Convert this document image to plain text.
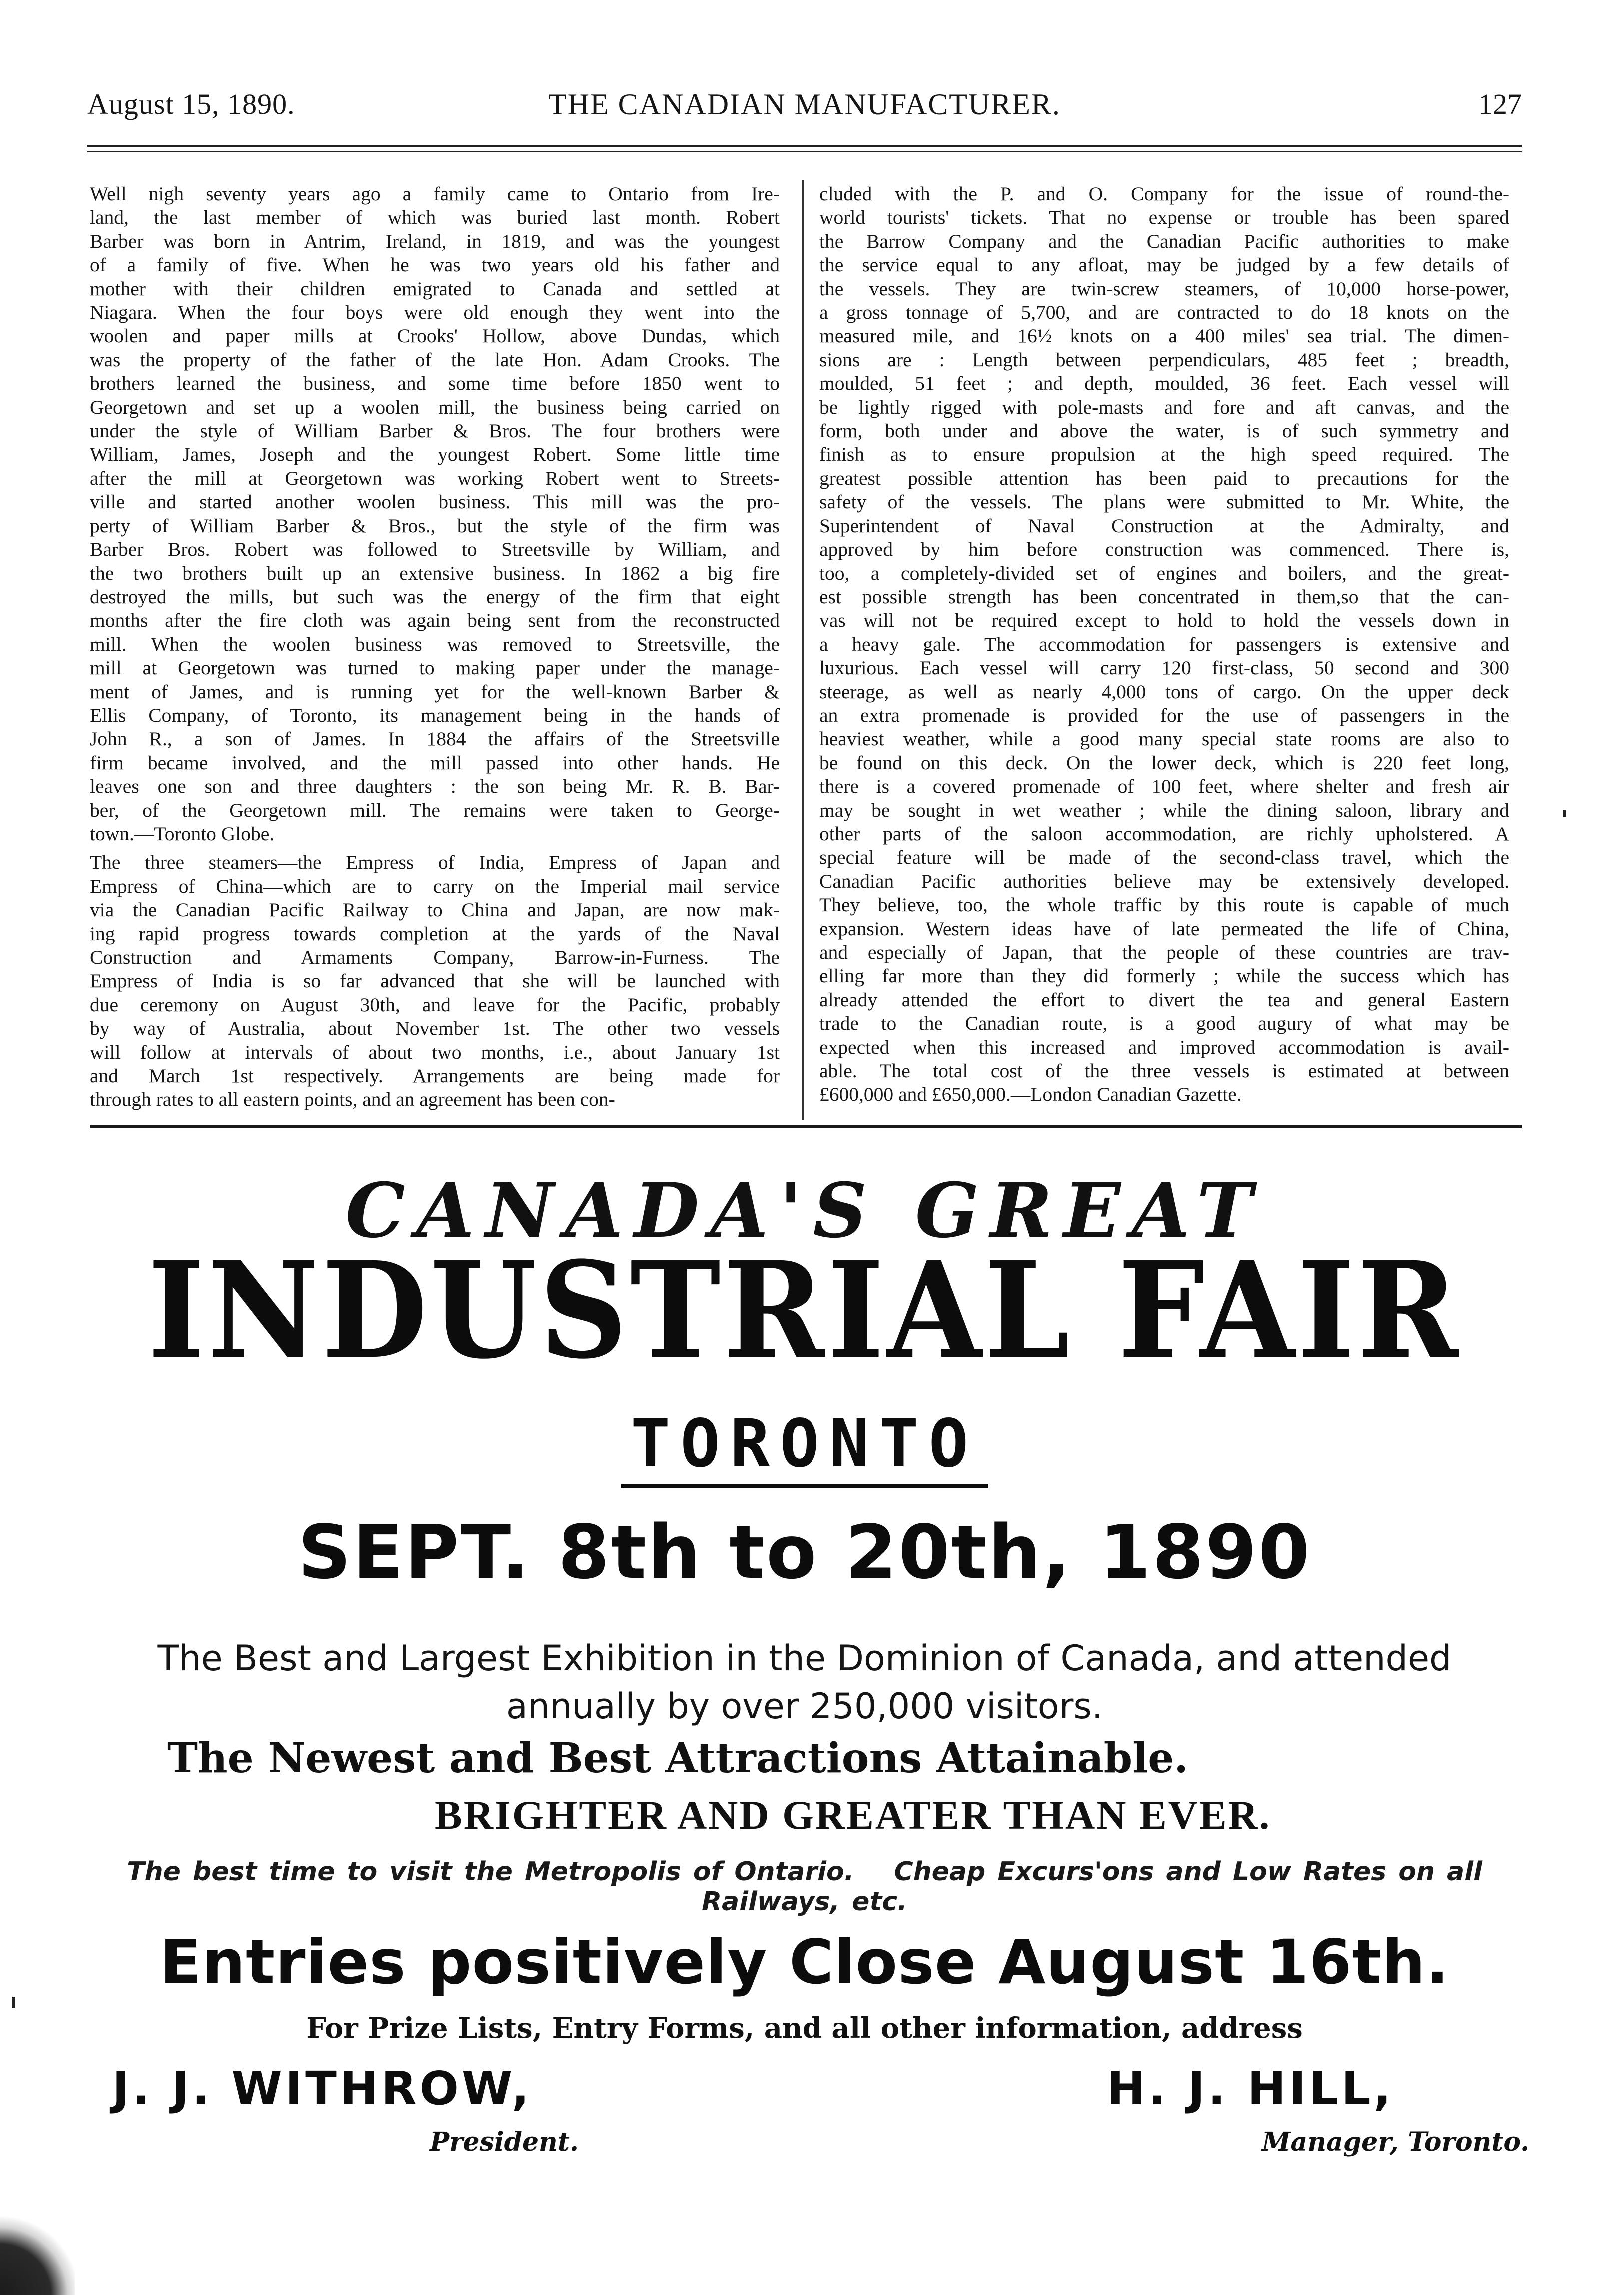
August 15, 1890.	THE CANADIAN MANUFACTURER.	127
Well nigh seventy years ago a family came to Ontario from Ire-
land, the last member of which was buried last month. Robert
Barber was born in Antrim, Ireland, in 1819, and was the youngest
of a family of five. When he was two years old his father and
mother with their children emigrated to Canada and settled at
Niagara. When the four boys were old enough they went into the
woolen and paper mills at Crooks' Hollow, above Dundas, which
was the property of the father of the late Hon. Adam Crooks. The
brothers learned the business, and some time before 1850 went to
Georgetown and set up a woolen mill, the business being carried on
under the style of William Barber & Bros. The four brothers were
William, James, Joseph and the youngest Robert. Some little time
after the mill at Georgetown was working Robert went to Streets-
ville and started another woolen business. This mill was the pro-
perty of William Barber & Bros., but the style of the firm was
Barber Bros. Robert was followed to Streetsville by William, and
the two brothers built up an extensive business. In 1862 a big fire
destroyed the mills, but such was the energy of the firm that eight
months after the fire cloth was again being sent from the reconstructed
mill. When the woolen business was removed to Streetsville, the
mill at Georgetown was turned to making paper under the manage-
ment of James, and is running yet for the well-known Barber &
Ellis Company, of Toronto, its management being in the hands of
John R., a son of James. In 1884 the affairs of the Streetsville
firm became involved, and the mill passed into other hands. He
leaves one son and three daughters : the son being Mr. R. B. Bar-
ber, of the Georgetown mill. The remains were taken to George-
town.—Toronto Globe.
The three steamers—the Empress of India, Empress of Japan and
Empress of China—which are to carry on the Imperial mail service
via the Canadian Pacific Railway to China and Japan, are now mak-
ing rapid progress towards completion at the yards of the Naval
Construction and Armaments Company, Barrow-in-Furness. The
Empress of India is so far advanced that she will be launched with
due ceremony on August 30th, and leave for the Pacific, probably
by way of Australia, about November 1st. The other two vessels
will follow at intervals of about two months, i.e., about January 1st
and March 1st respectively. Arrangements are being made for
through rates to all eastern points, and an agreement has been con-
cluded with the P. and O. Company for the issue of round-the-
world tourists' tickets. That no expense or trouble has been spared
the Barrow Company and the Canadian Pacific authorities to make
the service equal to any afloat, may be judged by a few details of
the vessels. They are twin-screw steamers, of 10,000 horse-power,
a gross tonnage of 5,700, and are contracted to do 18 knots on the
measured mile, and 16½ knots on a 400 miles' sea trial. The dimen-
sions are : Length between perpendiculars, 485 feet ; breadth,
moulded, 51 feet ; and depth, moulded, 36 feet. Each vessel will
be lightly rigged with pole-masts and fore and aft canvas, and the
form, both under and above the water, is of such symmetry and
finish as to ensure propulsion at the high speed required. The
greatest possible attention has been paid to precautions for the
safety of the vessels. The plans were submitted to Mr. White, the
Superintendent of Naval Construction at the Admiralty, and
approved by him before construction was commenced. There is,
too, a completely-divided set of engines and boilers, and the great-
est possible strength has been concentrated in them,so that the can-
vas will not be required except to hold to hold the vessels down in
a heavy gale. The accommodation for passengers is extensive and
luxurious. Each vessel will carry 120 first-class, 50 second and 300
steerage, as well as nearly 4,000 tons of cargo. On the upper deck
an extra promenade is provided for the use of passengers in the
heaviest weather, while a good many special state rooms are also to
be found on this deck. On the lower deck, which is 220 feet long,
there is a covered promenade of 100 feet, where shelter and fresh air
may be sought in wet weather ; while the dining saloon, library and
other parts of the saloon accommodation, are richly upholstered. A
special feature will be made of the second-class travel, which the
Canadian Pacific authorities believe may be extensively developed.
They believe, too, the whole traffic by this route is capable of much
expansion. Western ideas have of late permeated the life of China,
and especially of Japan, that the people of these countries are trav-
elling far more than they did formerly ; while the success which has
already attended the effort to divert the tea and general Eastern
trade to the Canadian route, is a good augury of what may be
expected when this increased and improved accommodation is avail-
able. The total cost of the three vessels is estimated at between
£600,000 and £650,000.—London Canadian Gazette.
CANADA'S GREAT
INDUSTRIAL FAIR
TORONTO
SEPT. 8th to 20th, 1890
The Best and Largest Exhibition in the Dominion of Canada, and attended
annually by over 250,000 visitors.
The Newest and Best Attractions Attainable.
BRIGHTER AND GREATER THAN EVER.
The best time to visit the Metropolis of Ontario. Cheap Excurs'ons and Low Rates on all Railways, etc.
Entries positively Close August 16th.
For Prize Lists, Entry Forms, and all other information, address
J. J. WITHROW,
President.
H. J. HILL,
Manager, Toronto.
